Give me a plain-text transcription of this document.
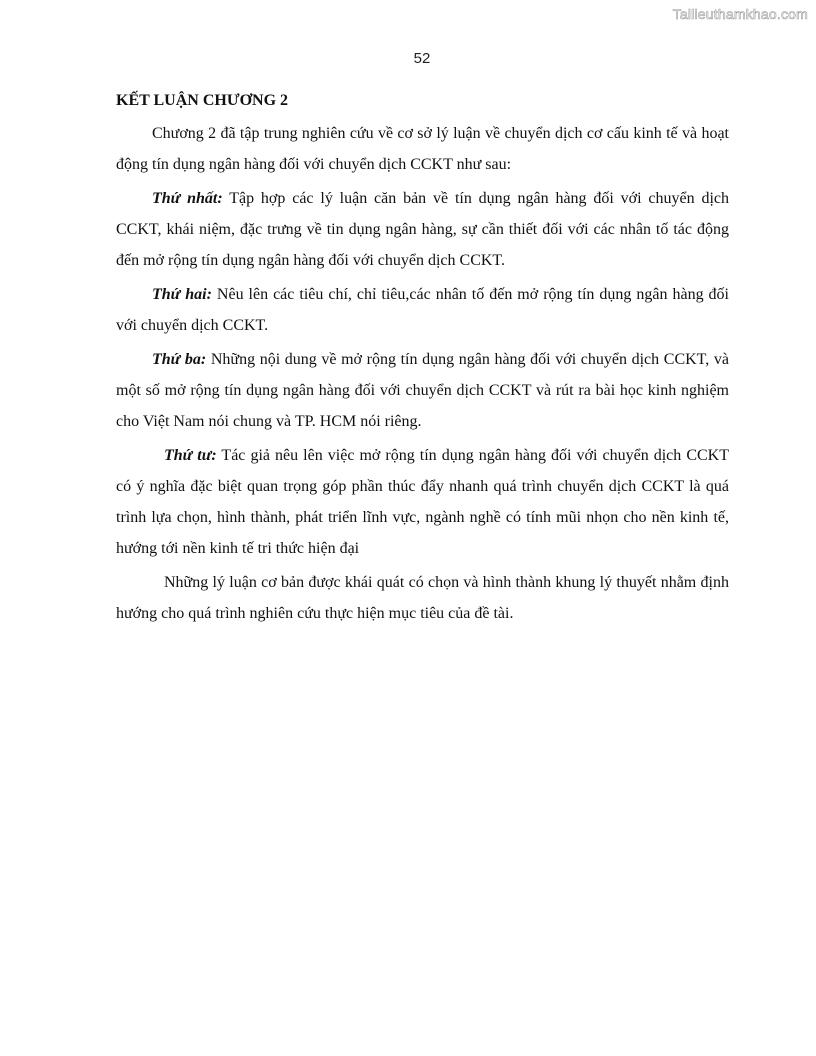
Tailieuthamkhao.com
52
KẾT LUẬN CHƯƠNG 2

Chương 2 đã tập trung nghiên cứu về cơ sở lý luận về chuyển dịch cơ cấu kinh tế và hoạt động tín dụng ngân hàng đối với chuyển dịch CCKT như sau:

Thứ nhất: Tập hợp các lý luận căn bản về tín dụng ngân hàng đối với chuyển dịch CCKT, khái niệm, đặc trưng về tin dụng ngân hàng, sự cần thiết đối với các nhân tố tác động đến mở rộng tín dụng ngân hàng đối với chuyển dịch CCKT.

Thứ hai: Nêu lên các tiêu chí, chỉ tiêu,các nhân tố đến mở rộng tín dụng ngân hàng đối với chuyển dịch CCKT.

Thứ ba: Những nội dung về mở rộng tín dụng ngân hàng đối với chuyển dịch CCKT, và một số mở rộng tín dụng ngân hàng đối với chuyển dịch CCKT và rút ra bài học kinh nghiệm cho Việt Nam nói chung và TP. HCM nói riêng.

Thứ tư: Tác giả nêu lên việc mở rộng tín dụng ngân hàng đối với chuyển dịch CCKT có ý nghĩa đặc biệt quan trọng góp phần thúc đẩy nhanh quá trình chuyển dịch CCKT là quá trình lựa chọn, hình thành, phát triển lĩnh vực, ngành nghề có tính mũi nhọn cho nền kinh tế, hướng tới nền kinh tế tri thức hiện đại

Những lý luận cơ bản được khái quát có chọn và hình thành khung lý thuyết nhằm định hướng cho quá trình nghiên cứu thực hiện mục tiêu của đề tài.
